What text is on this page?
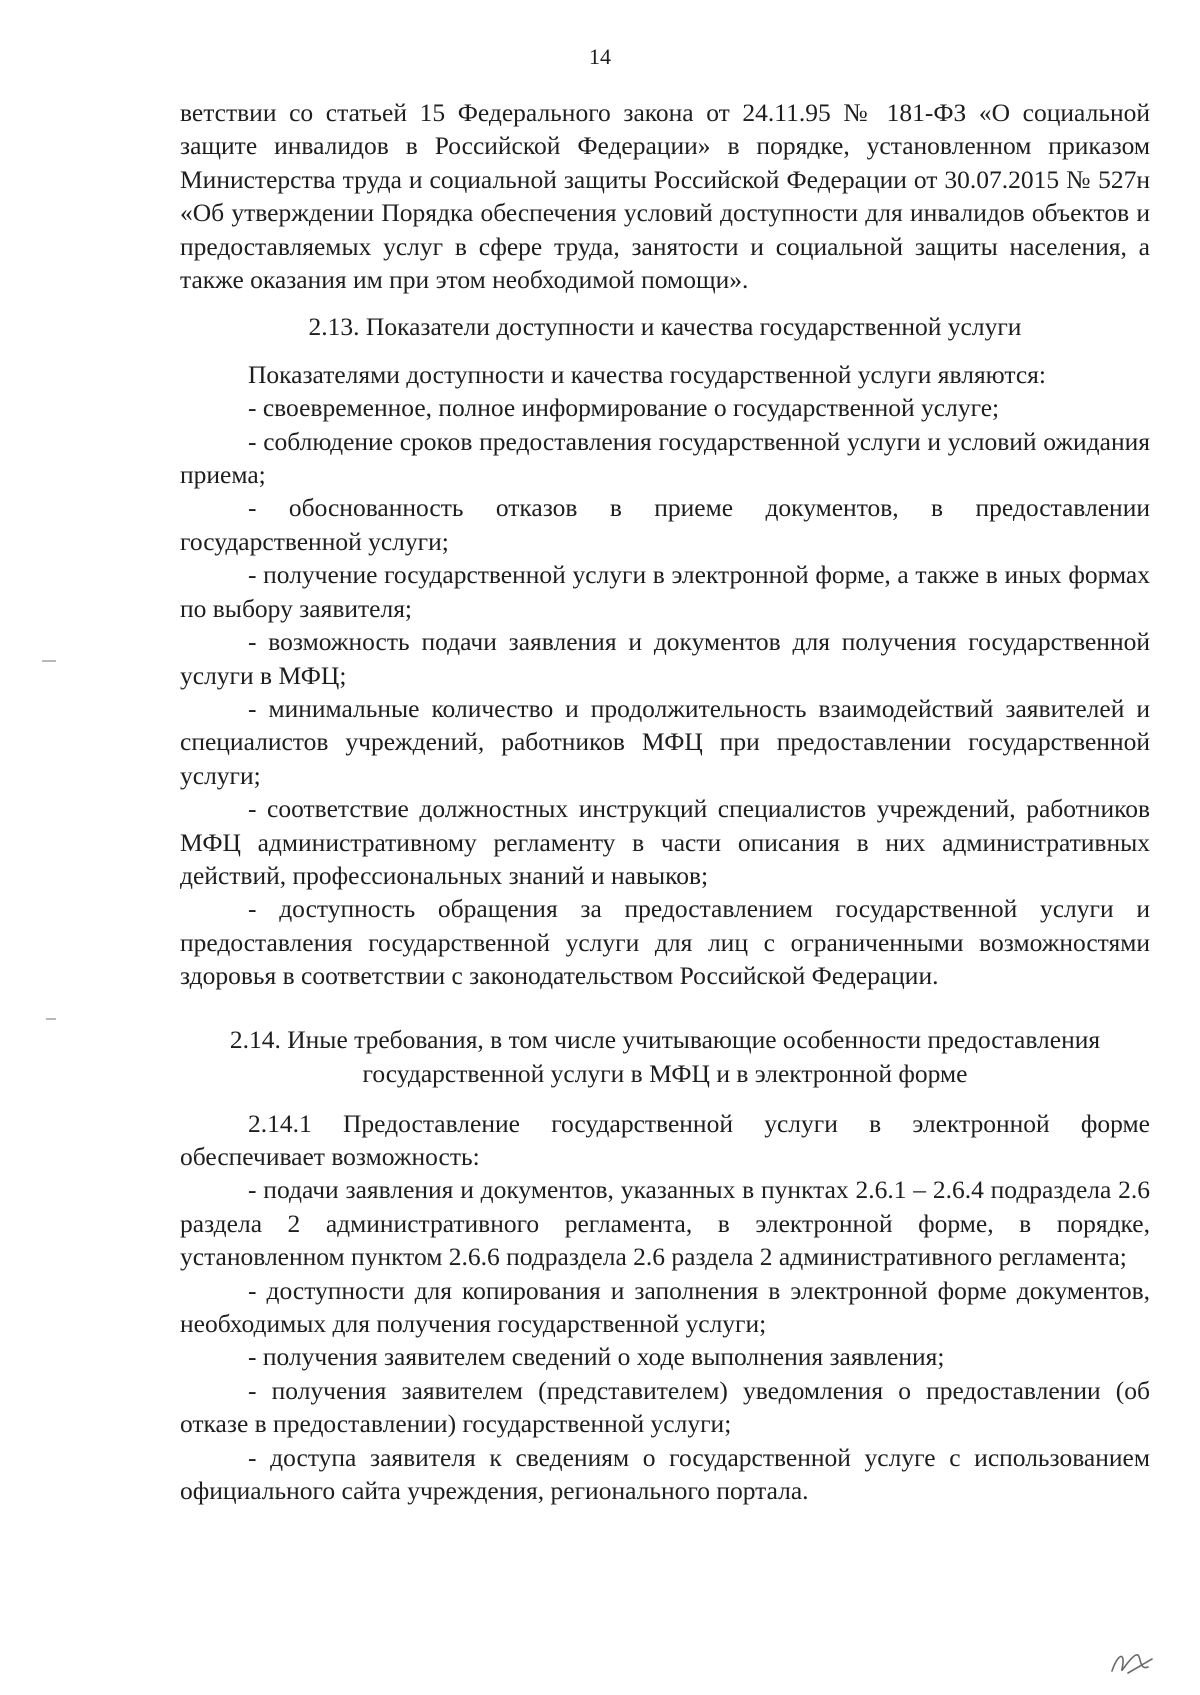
14

ветствии со статьей 15 Федерального закона от 24.11.95 № 181-ФЗ «О социальной защите инвалидов в Российской Федерации» в порядке, установленном приказом Министерства труда и социальной защиты Российской Федерации от 30.07.2015 № 527н «Об утверждении Порядка обеспечения условий доступности для инвалидов объектов и предоставляемых услуг в сфере труда, занятости и социальной защиты населения, а также оказания им при этом необходимой помощи».

2.13. Показатели доступности и качества государственной услуги

Показателями доступности и качества государственной услуги являются:

- своевременное, полное информирование о государственной услуге;

- соблюдение сроков предоставления государственной услуги и условий ожидания приема;

- обоснованность отказов в приеме документов, в предоставлении государственной услуги;

- получение государственной услуги в электронной форме, а также в иных формах по выбору заявителя;

- возможность подачи заявления и документов для получения государственной услуги в МФЦ;

- минимальные количество и продолжительность взаимодействий заявителей и специалистов учреждений, работников МФЦ при предоставлении государственной услуги;

- соответствие должностных инструкций специалистов учреждений, работников МФЦ административному регламенту в части описания в них административных действий, профессиональных знаний и навыков;

- доступность обращения за предоставлением государственной услуги и предоставления государственной услуги для лиц с ограниченными возможностями здоровья в соответствии с законодательством Российской Федерации.

2.14. Иные требования, в том числе учитывающие особенности предоставления
государственной услуги в МФЦ и в электронной форме

2.14.1 Предоставление государственной услуги в электронной форме обеспечивает возможность:

- подачи заявления и документов, указанных в пунктах 2.6.1 – 2.6.4 подраздела 2.6 раздела 2 административного регламента, в электронной форме, в порядке, установленном пунктом 2.6.6 подраздела 2.6 раздела 2 административного регламента;

- доступности для копирования и заполнения в электронной форме документов, необходимых для получения государственной услуги;

- получения заявителем сведений о ходе выполнения заявления;

- получения заявителем (представителем) уведомления о предоставлении (об отказе в предоставлении) государственной услуги;

- доступа заявителя к сведениям о государственной услуге с использованием официального сайта учреждения, регионального портала.
